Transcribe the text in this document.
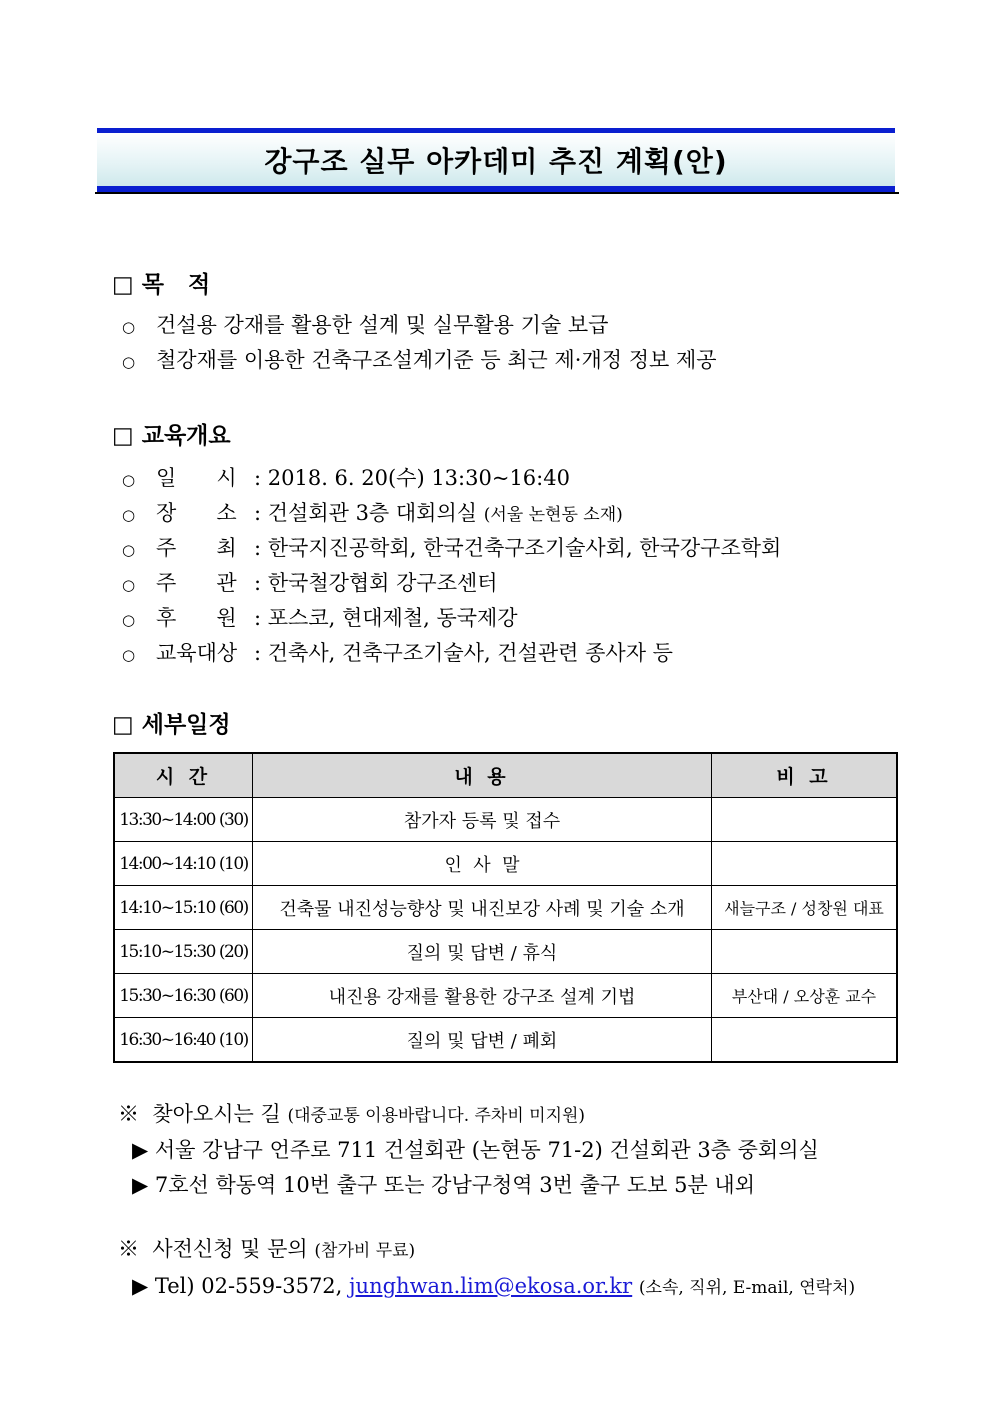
강구조 실무 아카데미 추진 계획(안)
□ 목   적
○ 건설용 강재를 활용한 설계 및 실무활용 기술 보급
○ 철강재를 이용한 건축구조설계기준 등 최근 제·개정 정보 제공
□ 교육개요
○ 일      시 : 2018. 6. 20(수) 13:30~16:40
○ 장      소 : 건설회관 3층 대회의실 (서울 논현동 소재)
○ 주      최 : 한국지진공학회, 한국건축구조기술사회, 한국강구조학회
○ 주      관 : 한국철강협회 강구조센터
○ 후      원 : 포스코, 현대제철, 동국제강
○ 교육대상 : 건축사, 건축구조기술사, 건설관련 종사자 등
□ 세부일정
시 간	내 용	비 고
13:30~14:00 (30)	참가자 등록 및 접수	
14:00~14:10 (10)	인  사  말	
14:10~15:10 (60)	건축물 내진성능향상 및 내진보강 사례 및 기술 소개	새늘구조 / 성창원 대표
15:10~15:30 (20)	질의 및 답변 / 휴식	
15:30~16:30 (60)	내진용 강재를 활용한 강구조 설계 기법	부산대 / 오상훈 교수
16:30~16:40 (10)	질의 및 답변 / 폐회	
※  찾아오시는 길 (대중교통 이용바랍니다. 주차비 미지원)
▶ 서울 강남구 언주로 711 건설회관 (논현동 71-2) 건설회관 3층 중회의실
▶ 7호선 학동역 10번 출구 또는 강남구청역 3번 출구 도보 5분 내외
※  사전신청 및 문의 (참가비 무료)
▶ Tel) 02-559-3572, junghwan.lim@ekosa.or.kr (소속, 직위, E-mail, 연락처)
